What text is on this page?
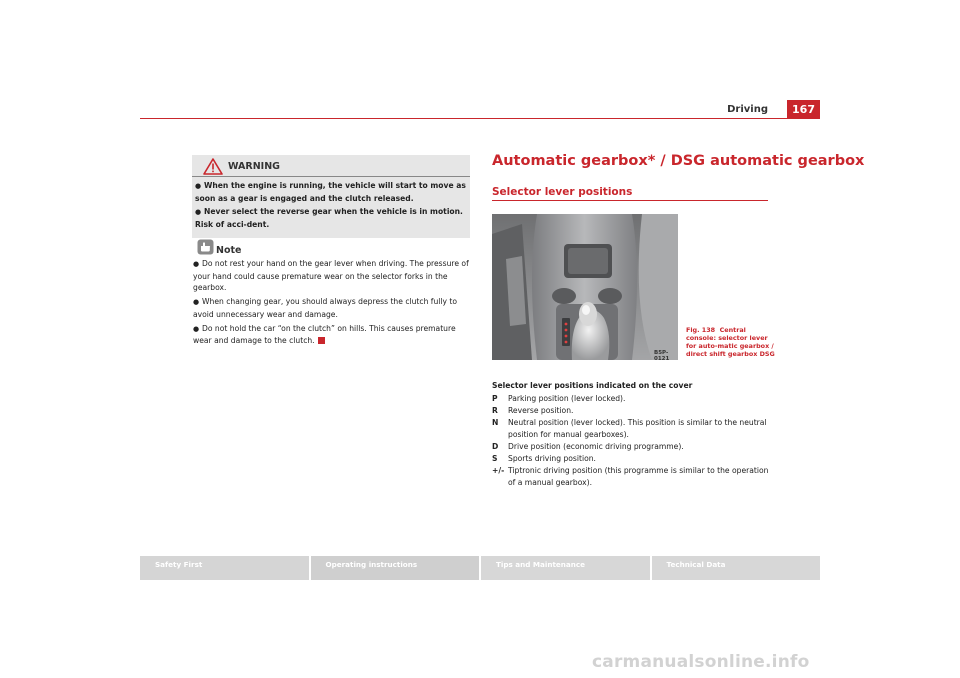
Driving	167
WARNING

● When the engine is running, the vehicle will start to move as soon as a gear is engaged and the clutch released.

● Never select the reverse gear when the vehicle is in motion. Risk of acci-dent.

Note

● Do not rest your hand on the gear lever when driving. The pressure of your hand could cause premature wear on the selector forks in the gearbox.

● When changing gear, you should always depress the clutch fully to avoid unnecessary wear and damage.

● Do not hold the car “on the clutch” on hills. This causes premature wear and damage to the clutch.

Automatic gearbox* / DSG automatic gearbox
Selector lever positions
B5P-0121
Fig. 138 Central console: selector lever for auto-matic gearbox / direct shift gearbox DSG
Selector lever positions indicated on the cover
P	Parking position (lever locked).
R	Reverse position.
N	Neutral position (lever locked). This position is similar to the neutral position for manual gearboxes).
D	Drive position (economic driving programme).
S	Sports driving position.
+/- Tiptronic driving position (this programme is similar to the operation of a manual gearbox).
Safety First	Operating instructions	Tips and Maintenance	Technical Data
carmanualsonline.info
